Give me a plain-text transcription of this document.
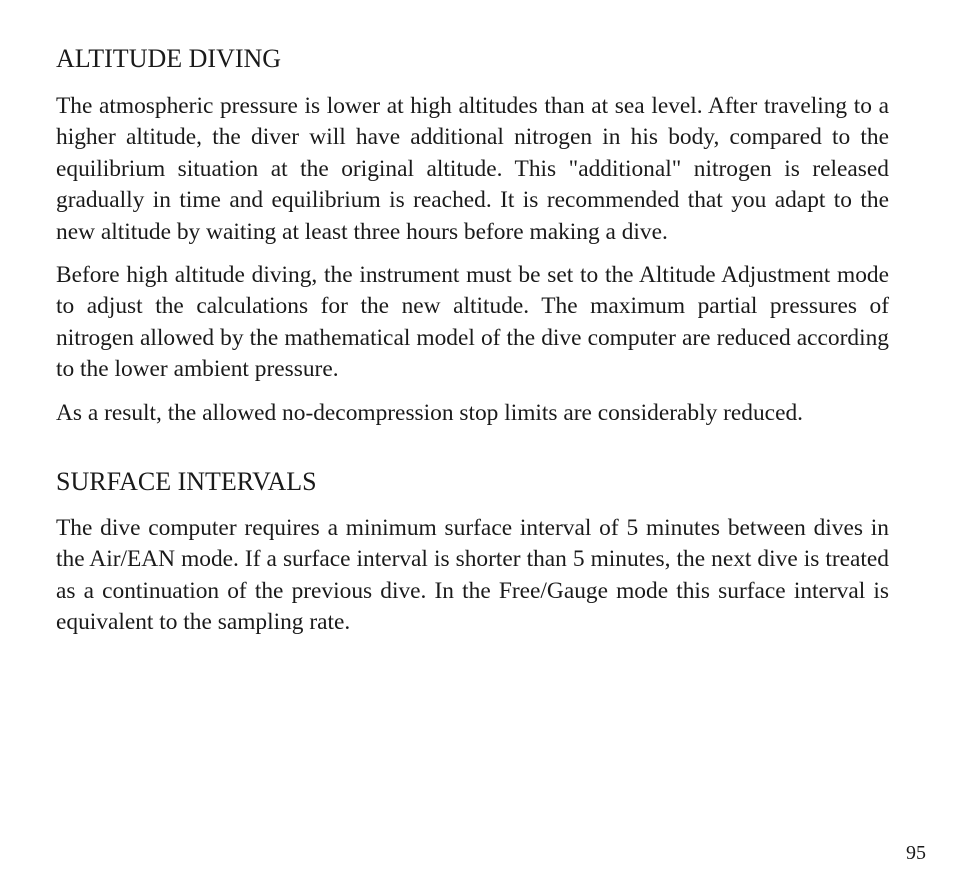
ALTITUDE DIVING

The atmospheric pressure is lower at high altitudes than at sea level. After traveling to a higher altitude, the diver will have additional nitrogen in his body, compared to the equilibrium situation at the original altitude. This "additional" nitrogen is released gradually in time and equilibrium is reached. It is recommended that you adapt to the new altitude by waiting at least three hours before making a dive.

Before high altitude diving, the instrument must be set to the Altitude Adjustment mode to adjust the calculations for the new altitude. The maximum partial pressures of nitrogen allowed by the mathematical model of the dive computer are reduced according to the lower ambient pressure.

As a result, the allowed no-decompression stop limits are considerably reduced.

SURFACE INTERVALS

The dive computer requires a minimum surface interval of 5 minutes between dives in the Air/EAN mode. If a surface interval is shorter than 5 minutes, the next dive is treated as a continuation of the previous dive. In the Free/Gauge mode this surface interval is equivalent to the sampling rate.

95
